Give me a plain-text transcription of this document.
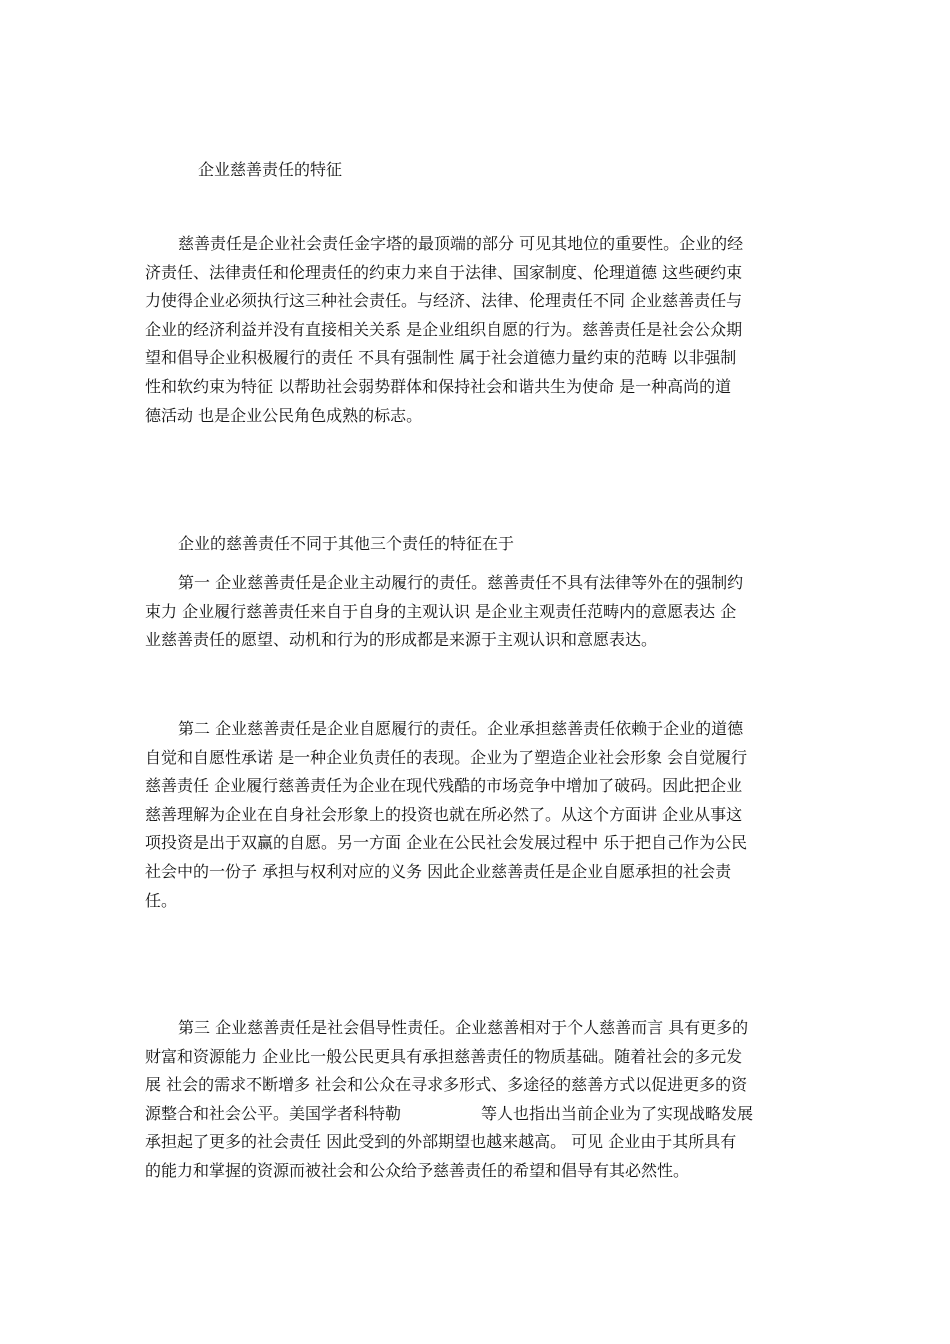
企业慈善责任的特征
慈善责任是企业社会责任金字塔的最顶端的部分 可见其地位的重要性。企业的经
济责任、法律责任和伦理责任的约束力来自于法律、国家制度、伦理道德 这些硬约束
力使得企业必须执行这三种社会责任。与经济、法律、伦理责任不同 企业慈善责任与
企业的经济利益并没有直接相关关系 是企业组织自愿的行为。慈善责任是社会公众期
望和倡导企业积极履行的责任 不具有强制性 属于社会道德力量约束的范畴 以非强制
性和软约束为特征 以帮助社会弱势群体和保持社会和谐共生为使命 是一种高尚的道
德活动 也是企业公民角色成熟的标志。
企业的慈善责任不同于其他三个责任的特征在于
第一 企业慈善责任是企业主动履行的责任。慈善责任不具有法律等外在的强制约
束力 企业履行慈善责任来自于自身的主观认识 是企业主观责任范畴内的意愿表达 企
业慈善责任的愿望、动机和行为的形成都是来源于主观认识和意愿表达。
第二 企业慈善责任是企业自愿履行的责任。企业承担慈善责任依赖于企业的道德
自觉和自愿性承诺 是一种企业负责任的表现。企业为了塑造企业社会形象 会自觉履行
慈善责任 企业履行慈善责任为企业在现代残酷的市场竞争中增加了破码。因此把企业
慈善理解为企业在自身社会形象上的投资也就在所必然了。从这个方面讲 企业从事这
项投资是出于双赢的自愿。另一方面 企业在公民社会发展过程中 乐于把自己作为公民
社会中的一份子 承担与权利对应的义务 因此企业慈善责任是企业自愿承担的社会责
任。
第三 企业慈善责任是社会倡导性责任。企业慈善相对于个人慈善而言 具有更多的
财富和资源能力 企业比一般公民更具有承担慈善责任的物质基础。随着社会的多元发
展 社会的需求不断增多 社会和公众在寻求多形式、多途径的慈善方式以促进更多的资
源整合和社会公平。美国学者科特勒	等人也指出当前企业为了实现战略发展
承担起了更多的社会责任 因此受到的外部期望也越来越高。 可见 企业由于其所具有
的能力和掌握的资源而被社会和公众给予慈善责任的希望和倡导有其必然性。
